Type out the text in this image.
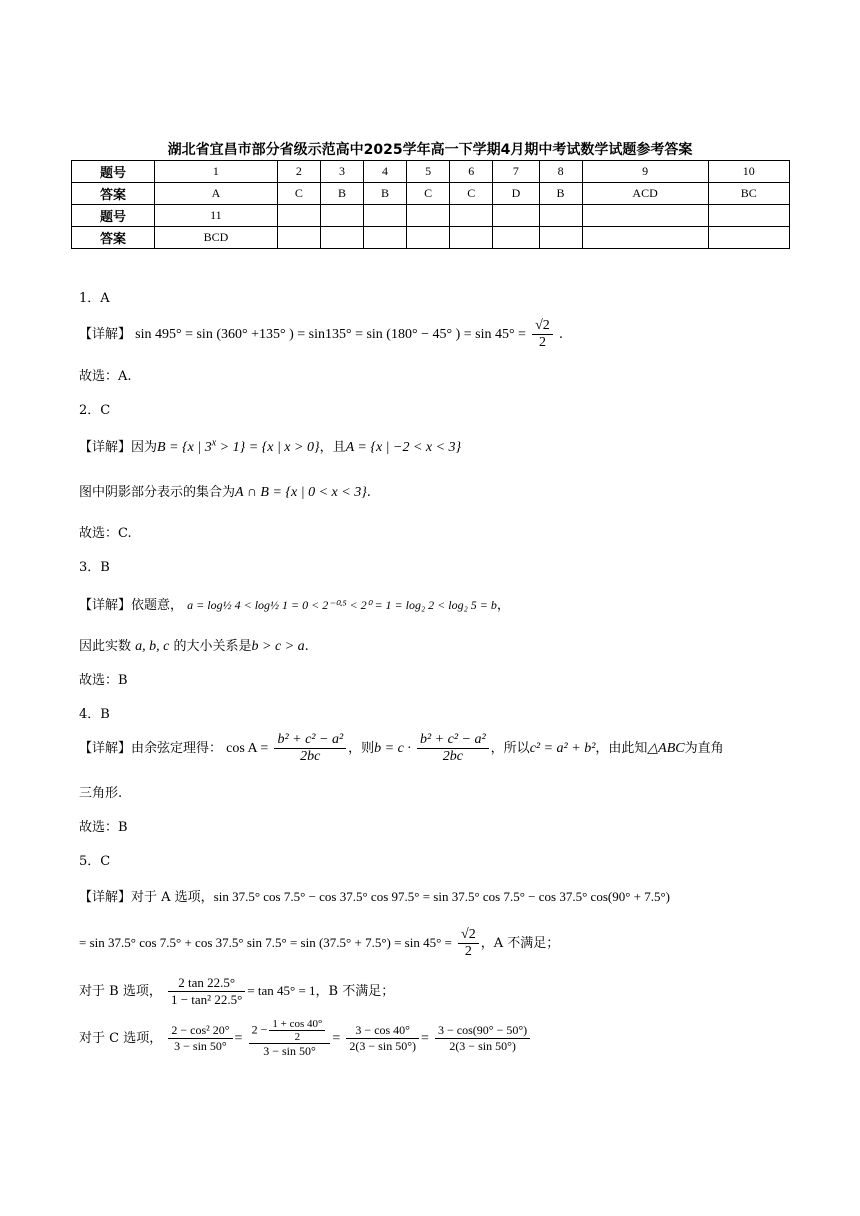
湖北省宜昌市部分省级示范高中2025学年高一下学期4月期中考试数学试题参考答案
题号	1	2	3	4	5	6	7	8	9	10
答案	A	C	B	B	C	C	D	B	ACD	BC
题号	11									
答案	BCD									
1．A
【详解】 sin 495° = sin (360° +135° ) = sin135° = sin (180° − 45° ) = $\sin 45^\circ = \frac{√2}{2}$ .
故选：A.
2．C
【详解】因为B = {x | $3^x > 1\} = \{x$ | x > 0}，且A = {x | −2 < x < 3}
图中阴影部分表示的集合为A ∩ B = {x | 0 < x < 3}.
故选：C.
3．B
【详解】依题意， a = log½ 4 < log½ 1 = 0 < 2⁻⁰·⁵ < 2⁰ = 1 = log₂ 2 < log₂ 5 = b，
因此实数 a, b, c 的大小关系是b > c > a.
故选：B
4．B
【详解】由余弦定理得： $\cos A = \frac{\text{b² + c² − a²}}{2bc}$ ，则$b = c \cdot \frac{\text{b² + c² − a²}}{2bc}$ ，所以c² = a² + b²，由此知△ABC为直角
三角形.
故选：B
5．C
【详解】对于 A 选项，sin 37.5° cos 7.5° − cos 37.5° cos 97.5° = sin 37.5° cos 7.5° − cos 37.5° cos(90° + 7.5°)
= sin 37.5° cos 7.5° + cos 37.5° $\sin 7.5^\circ = \sin (37.5^\circ + 7.5^\circ) = \sin 45^\circ = \frac{√2}{2}$ ，A 不满足；
对于 B 选项， $\frac{2 \tan 22.5^\circ}{\text{1 − tan² 22.5°}} = \tan 45^\circ = 1$，B 不满足；
对于 C 选项， $\frac{\text{2 − cos² 20°}}{3 - \sin 50^\circ} = \frac{2 - \frac{1 + \cos 40^\circ}{2}}{3 - \sin 50^\circ} = \frac{3 - \cos 40^\circ}{2(3 - \sin 50^\circ)} = \frac{3 - \cos(90^\circ - 50^\circ)}{2(3 - \sin 50^\circ)}$
